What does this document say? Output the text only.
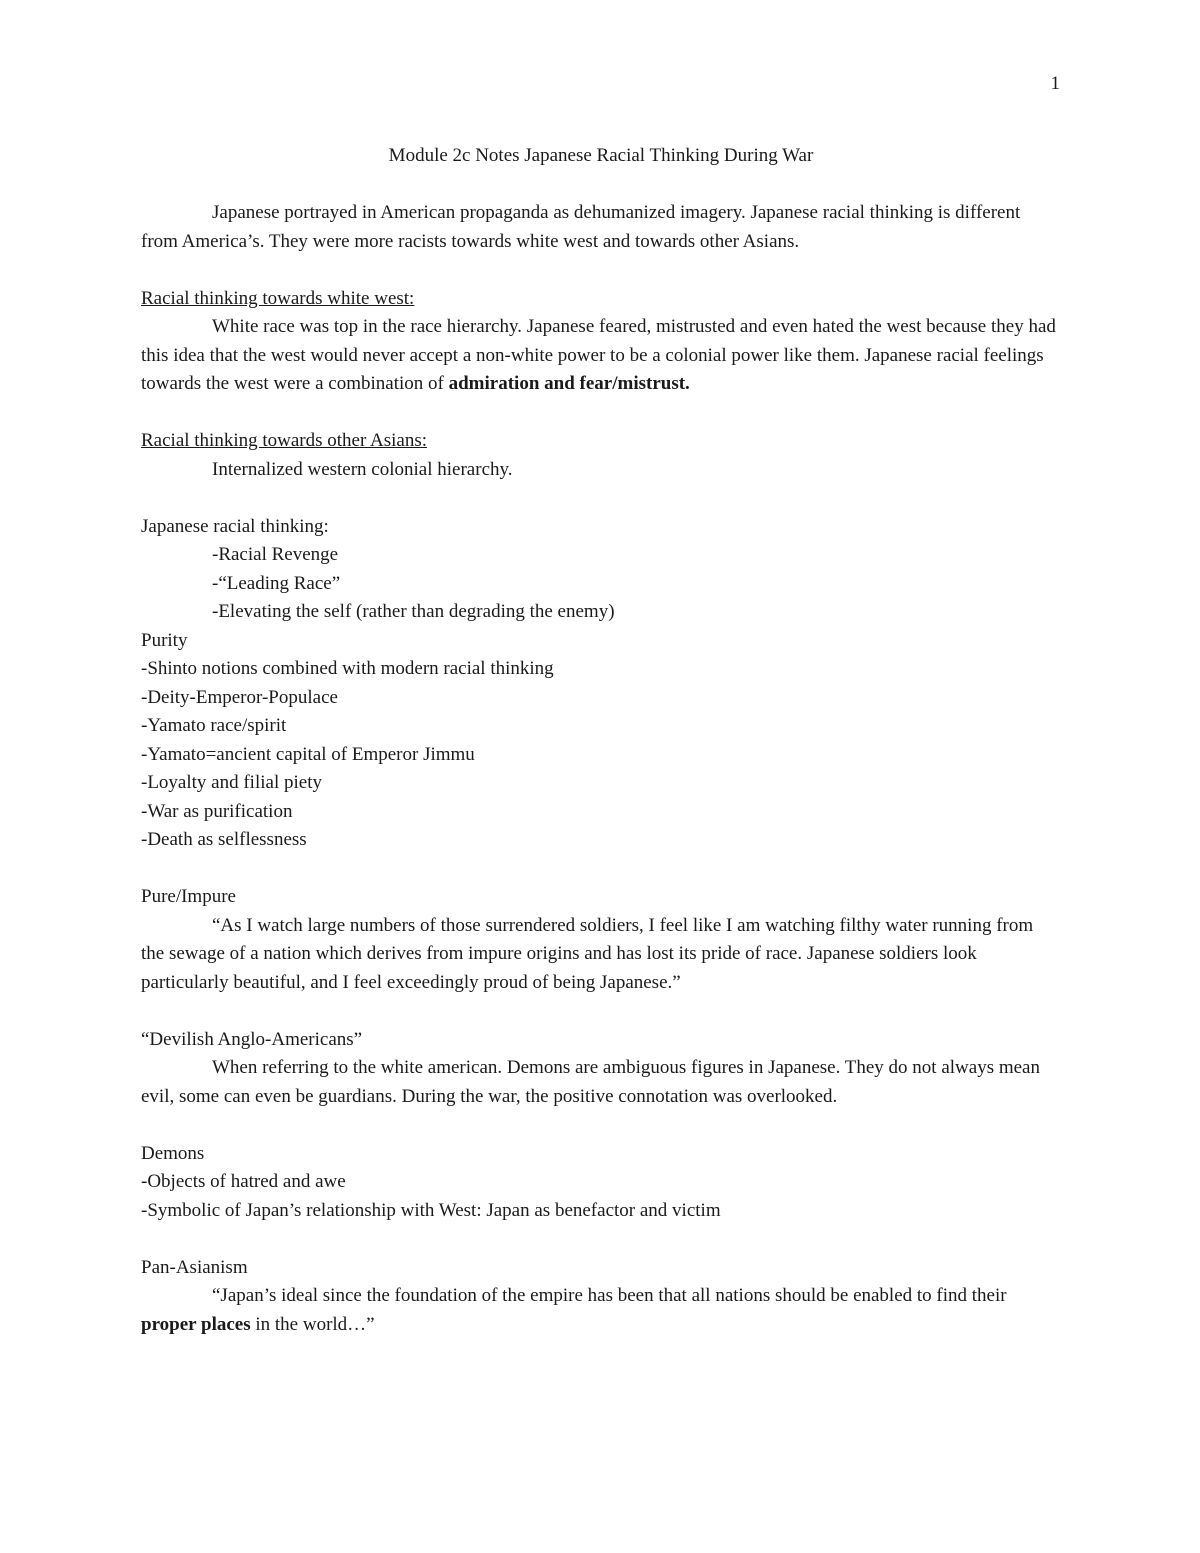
1
Module 2c Notes Japanese Racial Thinking During War

Japanese portrayed in American propaganda as dehumanized imagery. Japanese racial thinking is different from America’s. They were more racists towards white west and towards other Asians.

Racial thinking towards white west:

White race was top in the race hierarchy. Japanese feared, mistrusted and even hated the west because they had this idea that the west would never accept a non-white power to be a colonial power like them. Japanese racial feelings towards the west were a combination of admiration and fear/mistrust.

Racial thinking towards other Asians:

Internalized western colonial hierarchy.

Japanese racial thinking:

-Racial Revenge

-“Leading Race”

-Elevating the self (rather than degrading the enemy)

Purity

-Shinto notions combined with modern racial thinking

-Deity-Emperor-Populace

-Yamato race/spirit

-Yamato=ancient capital of Emperor Jimmu

-Loyalty and filial piety

-War as purification

-Death as selflessness

Pure/Impure

“As I watch large numbers of those surrendered soldiers, I feel like I am watching filthy water running from the sewage of a nation which derives from impure origins and has lost its pride of race. Japanese soldiers look particularly beautiful, and I feel exceedingly proud of being Japanese.”

“Devilish Anglo-Americans”

When referring to the white american. Demons are ambiguous figures in Japanese. They do not always mean evil, some can even be guardians. During the war, the positive connotation was overlooked.

Demons

-Objects of hatred and awe

-Symbolic of Japan’s relationship with West: Japan as benefactor and victim

Pan-Asianism

“Japan’s ideal since the foundation of the empire has been that all nations should be enabled to find their proper places in the world…”
